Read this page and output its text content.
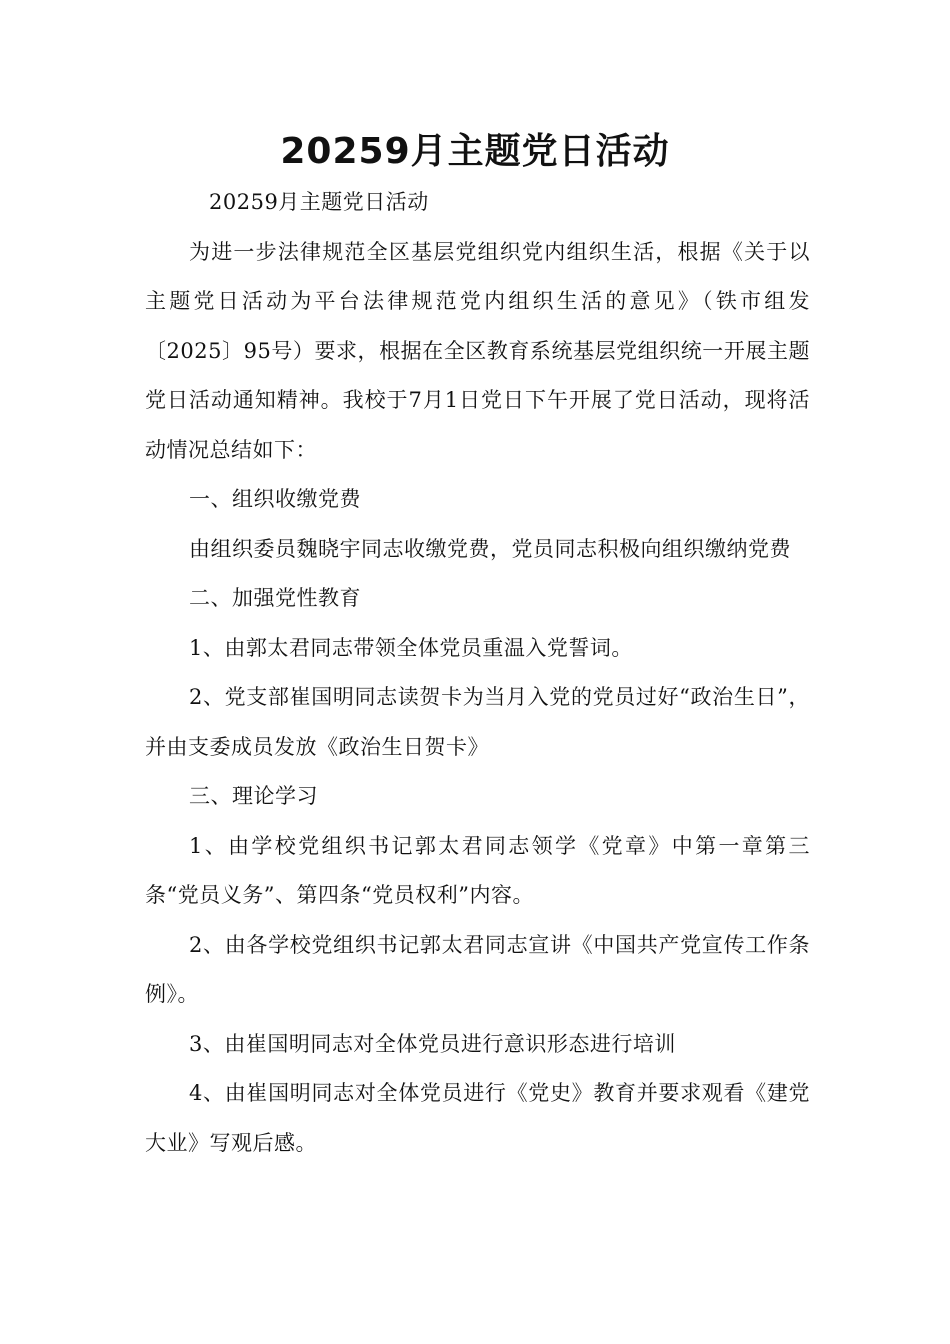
20259月主题党日活动

20259月主题党日活动

为进一步法律规范全区基层党组织党内组织生活，根据《关于以主题党日活动为平台法律规范党内组织生活的意见》（铁市组发〔2025〕95号）要求，根据在全区教育系统基层党组织统一开展主题党日活动通知精神。我校于7月1日党日下午开展了党日活动，现将活动情况总结如下：

一、组织收缴党费

由组织委员魏晓宇同志收缴党费，党员同志积极向组织缴纳党费

二、加强党性教育

1、由郭太君同志带领全体党员重温入党誓词。

2、党支部崔国明同志读贺卡为当月入党的党员过好“政治生日”，并由支委成员发放《政治生日贺卡》

三、理论学习

1、由学校党组织书记郭太君同志领学《党章》中第一章第三条“党员义务”、第四条“党员权利”内容。

2、由各学校党组织书记郭太君同志宣讲《中国共产党宣传工作条例》。

3、由崔国明同志对全体党员进行意识形态进行培训

4、由崔国明同志对全体党员进行《党史》教育并要求观看《建党大业》写观后感。
